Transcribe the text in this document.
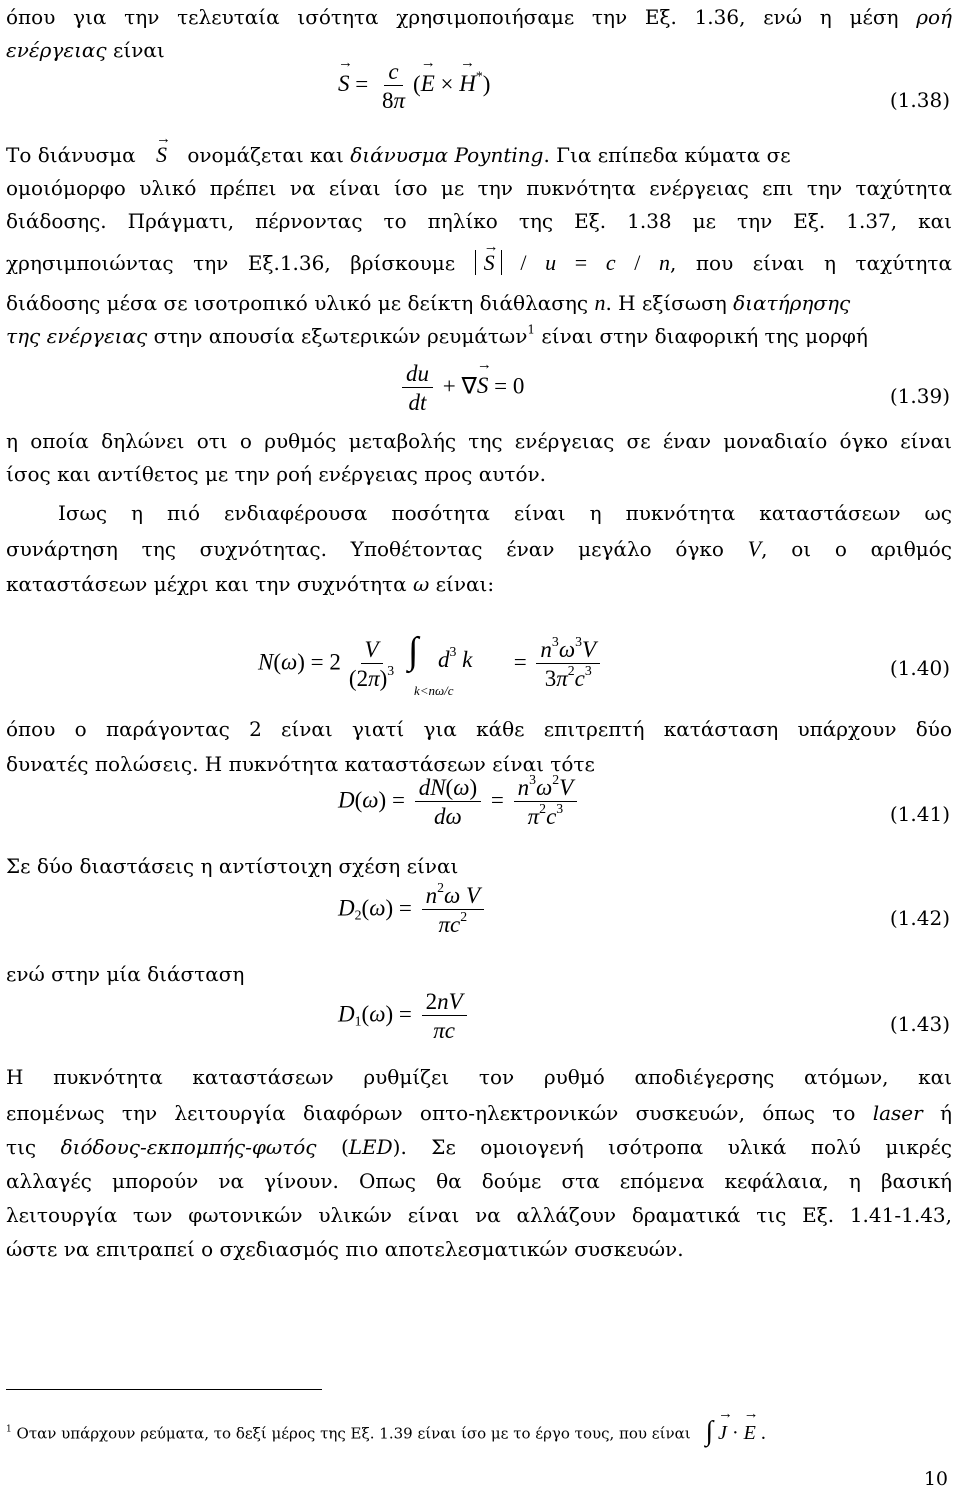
όπου για την τελευταία ισότητα χρησιμοποιήσαμε την Εξ. 1.36, ενώ η μέση ροή
ενέργειας είναι
→ $S = \frac{c}{8\pi}$ (→ E × → H*)
(1.38)
Το διάνυσμα → S ονομάζεται και διάνυσμα Poynting. Για επίπεδα κύματα σε
ομοιόμορφο υλικό πρέπει να είναι ίσο με την πυκνότητα ενέργειας επι την ταχύτητα
διάδοσης. Πράγματι, πέρνοντας το πηλίκο της Εξ. 1.38 με την Εξ. 1.37, και
χρησιμποιώντας την Εξ.1.36, βρίσκουμε → S / u = c / n, που είναι η ταχύτητα
διάδοσης μέσα σε ισοτροπικό υλικό με δείκτη διάθλασης n. Η εξίσωση διατήρησης
της ενέργειας στην απουσία εξωτερικών ρευμάτων$^1$ είναι στην διαφορική της μορφή
$\frac{du}{dt}$ + ∇→ S = 0	(1.39)
η οποία δηλώνει οτι ο ρυθμός μεταβολής της ενέργειας σε έναν μοναδιαίο όγκο είναι
ίσος και αντίθετος με την ροή ενέργειας προς αυτόν.
Ισως η πιό ενδιαφέρουσα ποσότητα είναι η πυκνότητα καταστάσεων ως
συνάρτηση της συχνότητας. Υποθέτοντας έναν μεγάλο όγκο V, οι ο αριθμός
καταστάσεων μέχρι και την συχνότητα ω είναι:
$N(\omega) = 2 \frac{V}{(2\pi)^3}$
∫ $d^3$ k
k<nω/c
= $\frac{n^3\omega^3V}{3\pi^2c^3}$	(1.40)
όπου ο παράγοντας 2 είναι γιατί για κάθε επιτρεπτή κατάσταση υπάρχουν δύο
δυνατές πολώσεις. Η πυκνότητα καταστάσεων είναι τότε
$D(\omega) = \frac{dN(\omega)}{d\omega} = \frac{n^3\omega^2V}{\pi^2c^3}$	(1.41)
Σε δύο διαστάσεις η αντίστοιχη σχέση είναι
$D_2(\omega) = \frac{n^2\omega V}{\pi c^2}$	(1.42)
ενώ στην μία διάσταση
$D_1(\omega) = \frac{2nV}{\pi c}$	(1.43)
Η πυκνότητα καταστάσεων ρυθμίζει τον ρυθμό αποδιέγερσης ατόμων, και
επομένως την λειτουργία διαφόρων οπτο-ηλεκτρονικών συσκευών, όπως το laser ή
τις διόδους-εκπομπής-φωτός (LED). Σε ομοιογενή ισότροπα υλικά πολύ μικρές
αλλαγές μπορούν να γίνουν. Οπως θα δούμε στα επόμενα κεφάλαια, η βασική
λειτουργία των φωτονικών υλικών είναι να αλλάζουν δραματικά τις Εξ. 1.41-1.43,
ώστε να επιτραπεί ο σχεδιασμός πιο αποτελεσματικών συσκευών.
$^1$ Οταν υπάρχουν ρεύματα, το δεξί μέρος της Εξ. 1.39 είναι ίσο με το έργο τους, που είναι ∫ → J · → E .
10
